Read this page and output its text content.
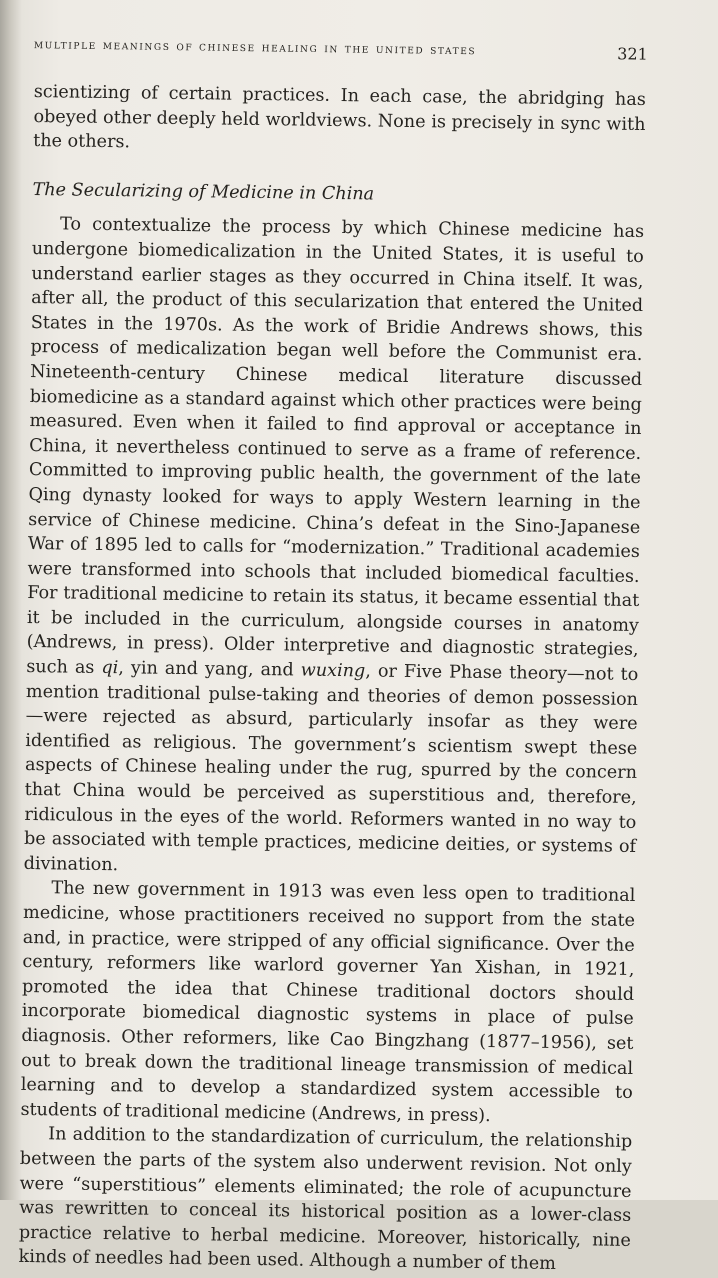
multiple meanings of chinese healing in the united states	321

scientizing of certain practices. In each case, the abridging has obeyed other deeply held worldviews. None is precisely in sync with the others.

The Secularizing of Medicine in China

To contextualize the process by which Chinese medicine has undergone biomedicalization in the United States, it is useful to understand earlier stages as they occurred in China itself. It was, after all, the product of this secularization that entered the United States in the 1970s. As the work of Bridie Andrews shows, this process of medicalization began well before the Communist era. Nineteenth-century Chinese medical literature discussed biomedicine as a standard against which other practices were being measured. Even when it failed to find approval or acceptance in China, it nevertheless continued to serve as a frame of reference. Committed to improving public health, the government of the late Qing dynasty looked for ways to apply Western learning in the service of Chinese medicine. China’s defeat in the Sino-Japanese War of 1895 led to calls for “modernization.” Traditional academies were transformed into schools that included biomedical faculties. For traditional medicine to retain its status, it became essential that it be included in the curriculum, alongside courses in anatomy (Andrews, in press). Older interpretive and diagnostic strategies, such as qi, yin and yang, and wuxing, or Five Phase theory—not to mention traditional pulse-taking and theories of demon possession—were rejected as absurd, particularly insofar as they were identified as religious. The government’s scientism swept these aspects of Chinese healing under the rug, spurred by the concern that China would be perceived as superstitious and, therefore, ridiculous in the eyes of the world. Reformers wanted in no way to be associated with temple practices, medicine deities, or systems of divination.

The new government in 1913 was even less open to traditional medicine, whose practitioners received no support from the state and, in practice, were stripped of any official significance. Over the century, reformers like warlord governer Yan Xishan, in 1921, promoted the idea that Chinese traditional doctors should incorporate biomedical diagnostic systems in place of pulse diagnosis. Other reformers, like Cao Bingzhang (1877–1956), set out to break down the traditional lineage transmission of medical learning and to develop a standardized system accessible to students of traditional medicine (Andrews, in press).

In addition to the standardization of curriculum, the relationship between the parts of the system also underwent revision. Not only were “superstitious” elements eliminated; the role of acupuncture was rewritten to conceal its historical position as a lower-class practice relative to herbal medicine. Moreover, historically, nine kinds of needles had been used. Although a number of them
